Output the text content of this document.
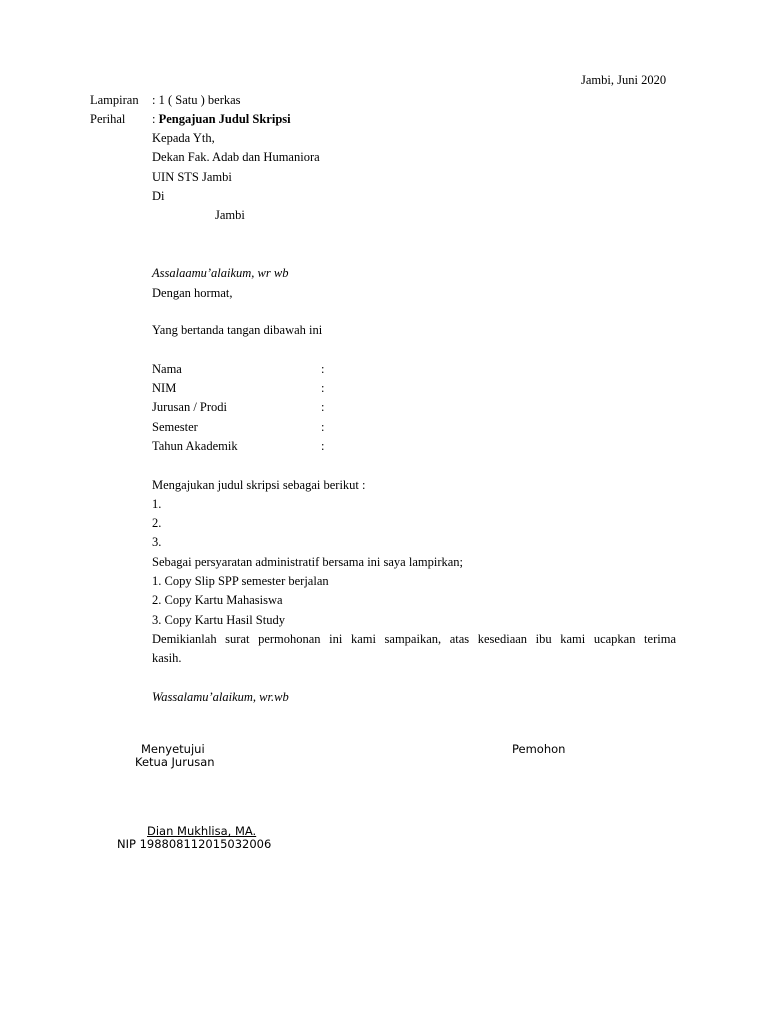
Jambi, Juni 2020
Lampiran : 1 ( Satu ) berkas
Perihal : Pengajuan Judul Skripsi
Kepada Yth,
Dekan Fak. Adab dan Humaniora
UIN STS Jambi
Di
Jambi
Assalaamu’alaikum, wr wb
Dengan hormat,
Yang bertanda tangan dibawah ini
Nama	:
NIM	:
Jurusan / Prodi	:
Semester	:
Tahun Akademik	:
Mengajukan judul skripsi sebagai berikut :
1.
2.
3.
Sebagai persyaratan administratif bersama ini saya lampirkan;
1. Copy Slip SPP semester berjalan
2. Copy Kartu Mahasiswa
3. Copy Kartu Hasil Study
Demikianlah surat permohonan ini kami sampaikan, atas kesediaan ibu kami ucapkan terima
kasih.
Wassalamu’alaikum, wr.wb
Menyetujui
Ketua Jurusan
Pemohon
Dian Mukhlisa, MA.
NIP 198808112015032006
